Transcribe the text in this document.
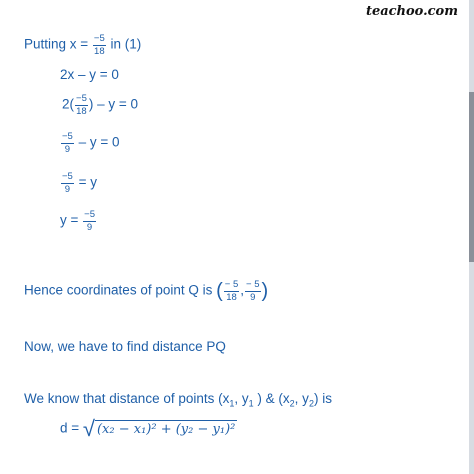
teachoo.com
Putting $x = \frac{-5}{18}$ in (1)
2x – y = 0
$2( \frac{-5}{18}$ ) – y = 0
$\frac{-5}{9} - y = 0$
$\frac{-5}{9} = y$
$y = \frac{-5}{9}$
Hence coordinates of point Q is ( $\frac{- 5}{18}$ , $\frac{- 5}{9}$ )
Now, we have to find distance PQ
We know that distance of points ($x_1$, $y_1$ ) & ($x_2$, $y_2$) is
d = √ (x₂ − x₁)² + (y₂ − y₁)²
